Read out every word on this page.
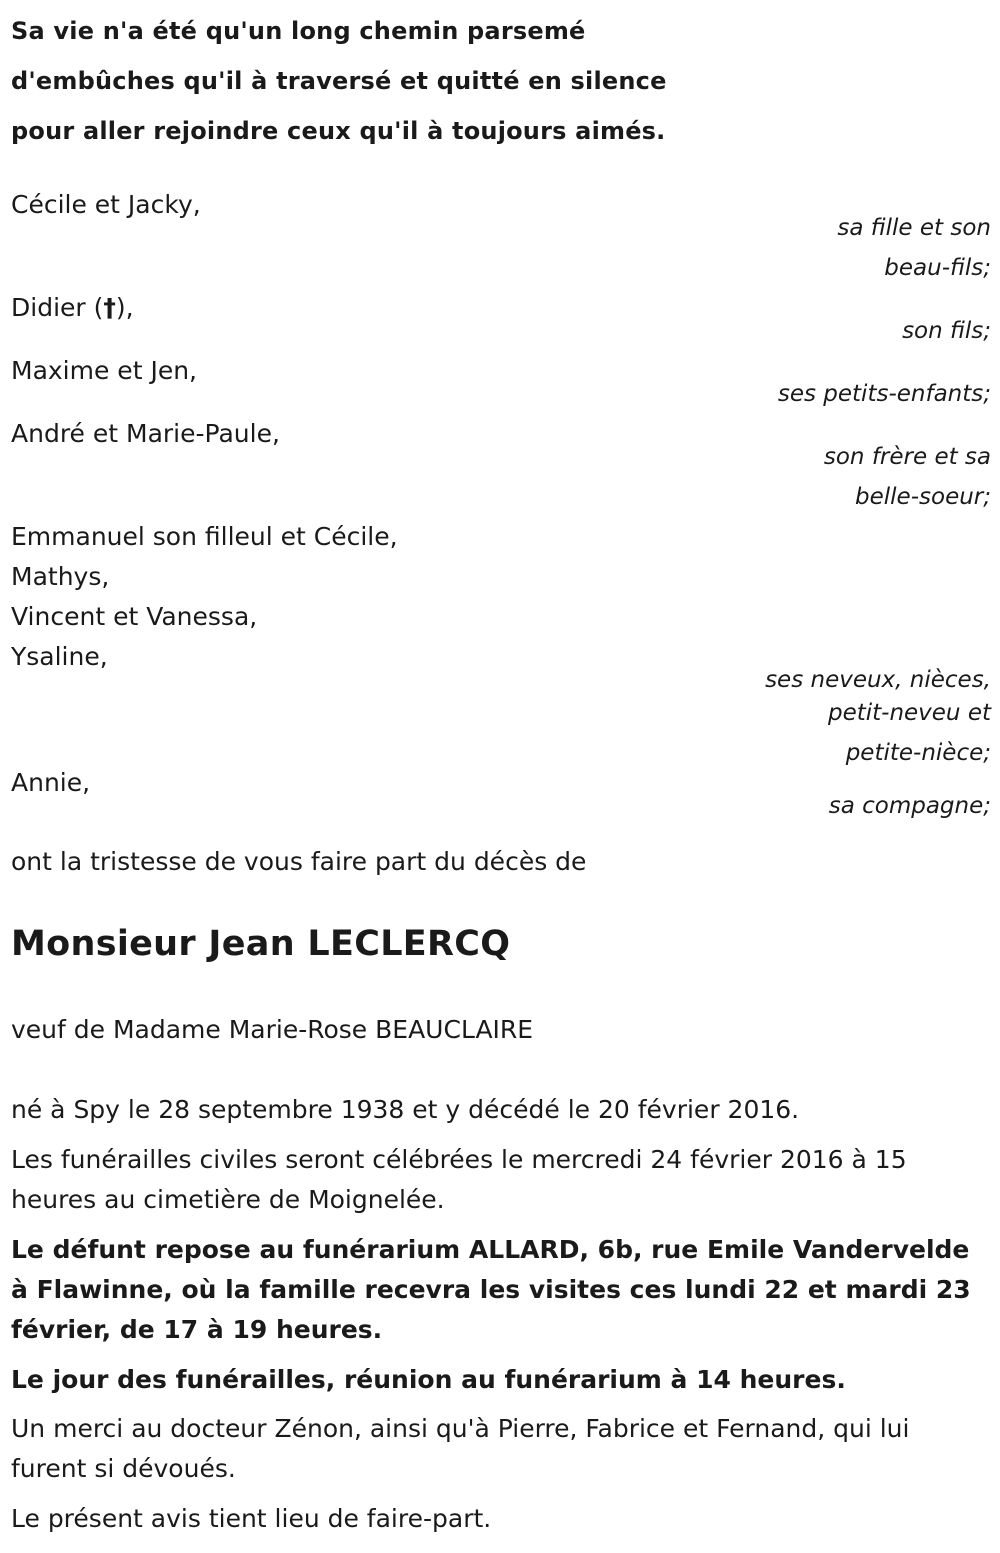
Sa vie n'a été qu'un long chemin parsemé
d'embûches qu'il à traversé et quitté en silence
pour aller rejoindre ceux qu'il à toujours aimés.
Cécile et Jacky,
sa fille et son
beau-fils;
Didier (†),
son fils;
Maxime et Jen,
ses petits-enfants;
André et Marie-Paule,
son frère et sa
belle-soeur;
Emmanuel son filleul et Cécile,
Mathys,
Vincent et Vanessa,
Ysaline,
ses neveux, nièces,
petit-neveu et
petite-nièce;
Annie,
sa compagne;
ont la tristesse de vous faire part du décès de
Monsieur Jean LECLERCQ
veuf de Madame Marie-Rose BEAUCLAIRE
né à Spy le 28 septembre 1938 et y décédé le 20 février 2016.
Les funérailles civiles seront célébrées le mercredi 24 février 2016 à 15 heures au cimetière de Moignelée.
Le défunt repose au funérarium ALLARD, 6b, rue Emile Vandervelde à Flawinne, où la famille recevra les visites ces lundi 22 et mardi 23 février, de 17 à 19 heures.
Le jour des funérailles, réunion au funérarium à 14 heures.
Un merci au docteur Zénon, ainsi qu'à Pierre, Fabrice et Fernand, qui lui furent si dévoués.
Le présent avis tient lieu de faire-part.
